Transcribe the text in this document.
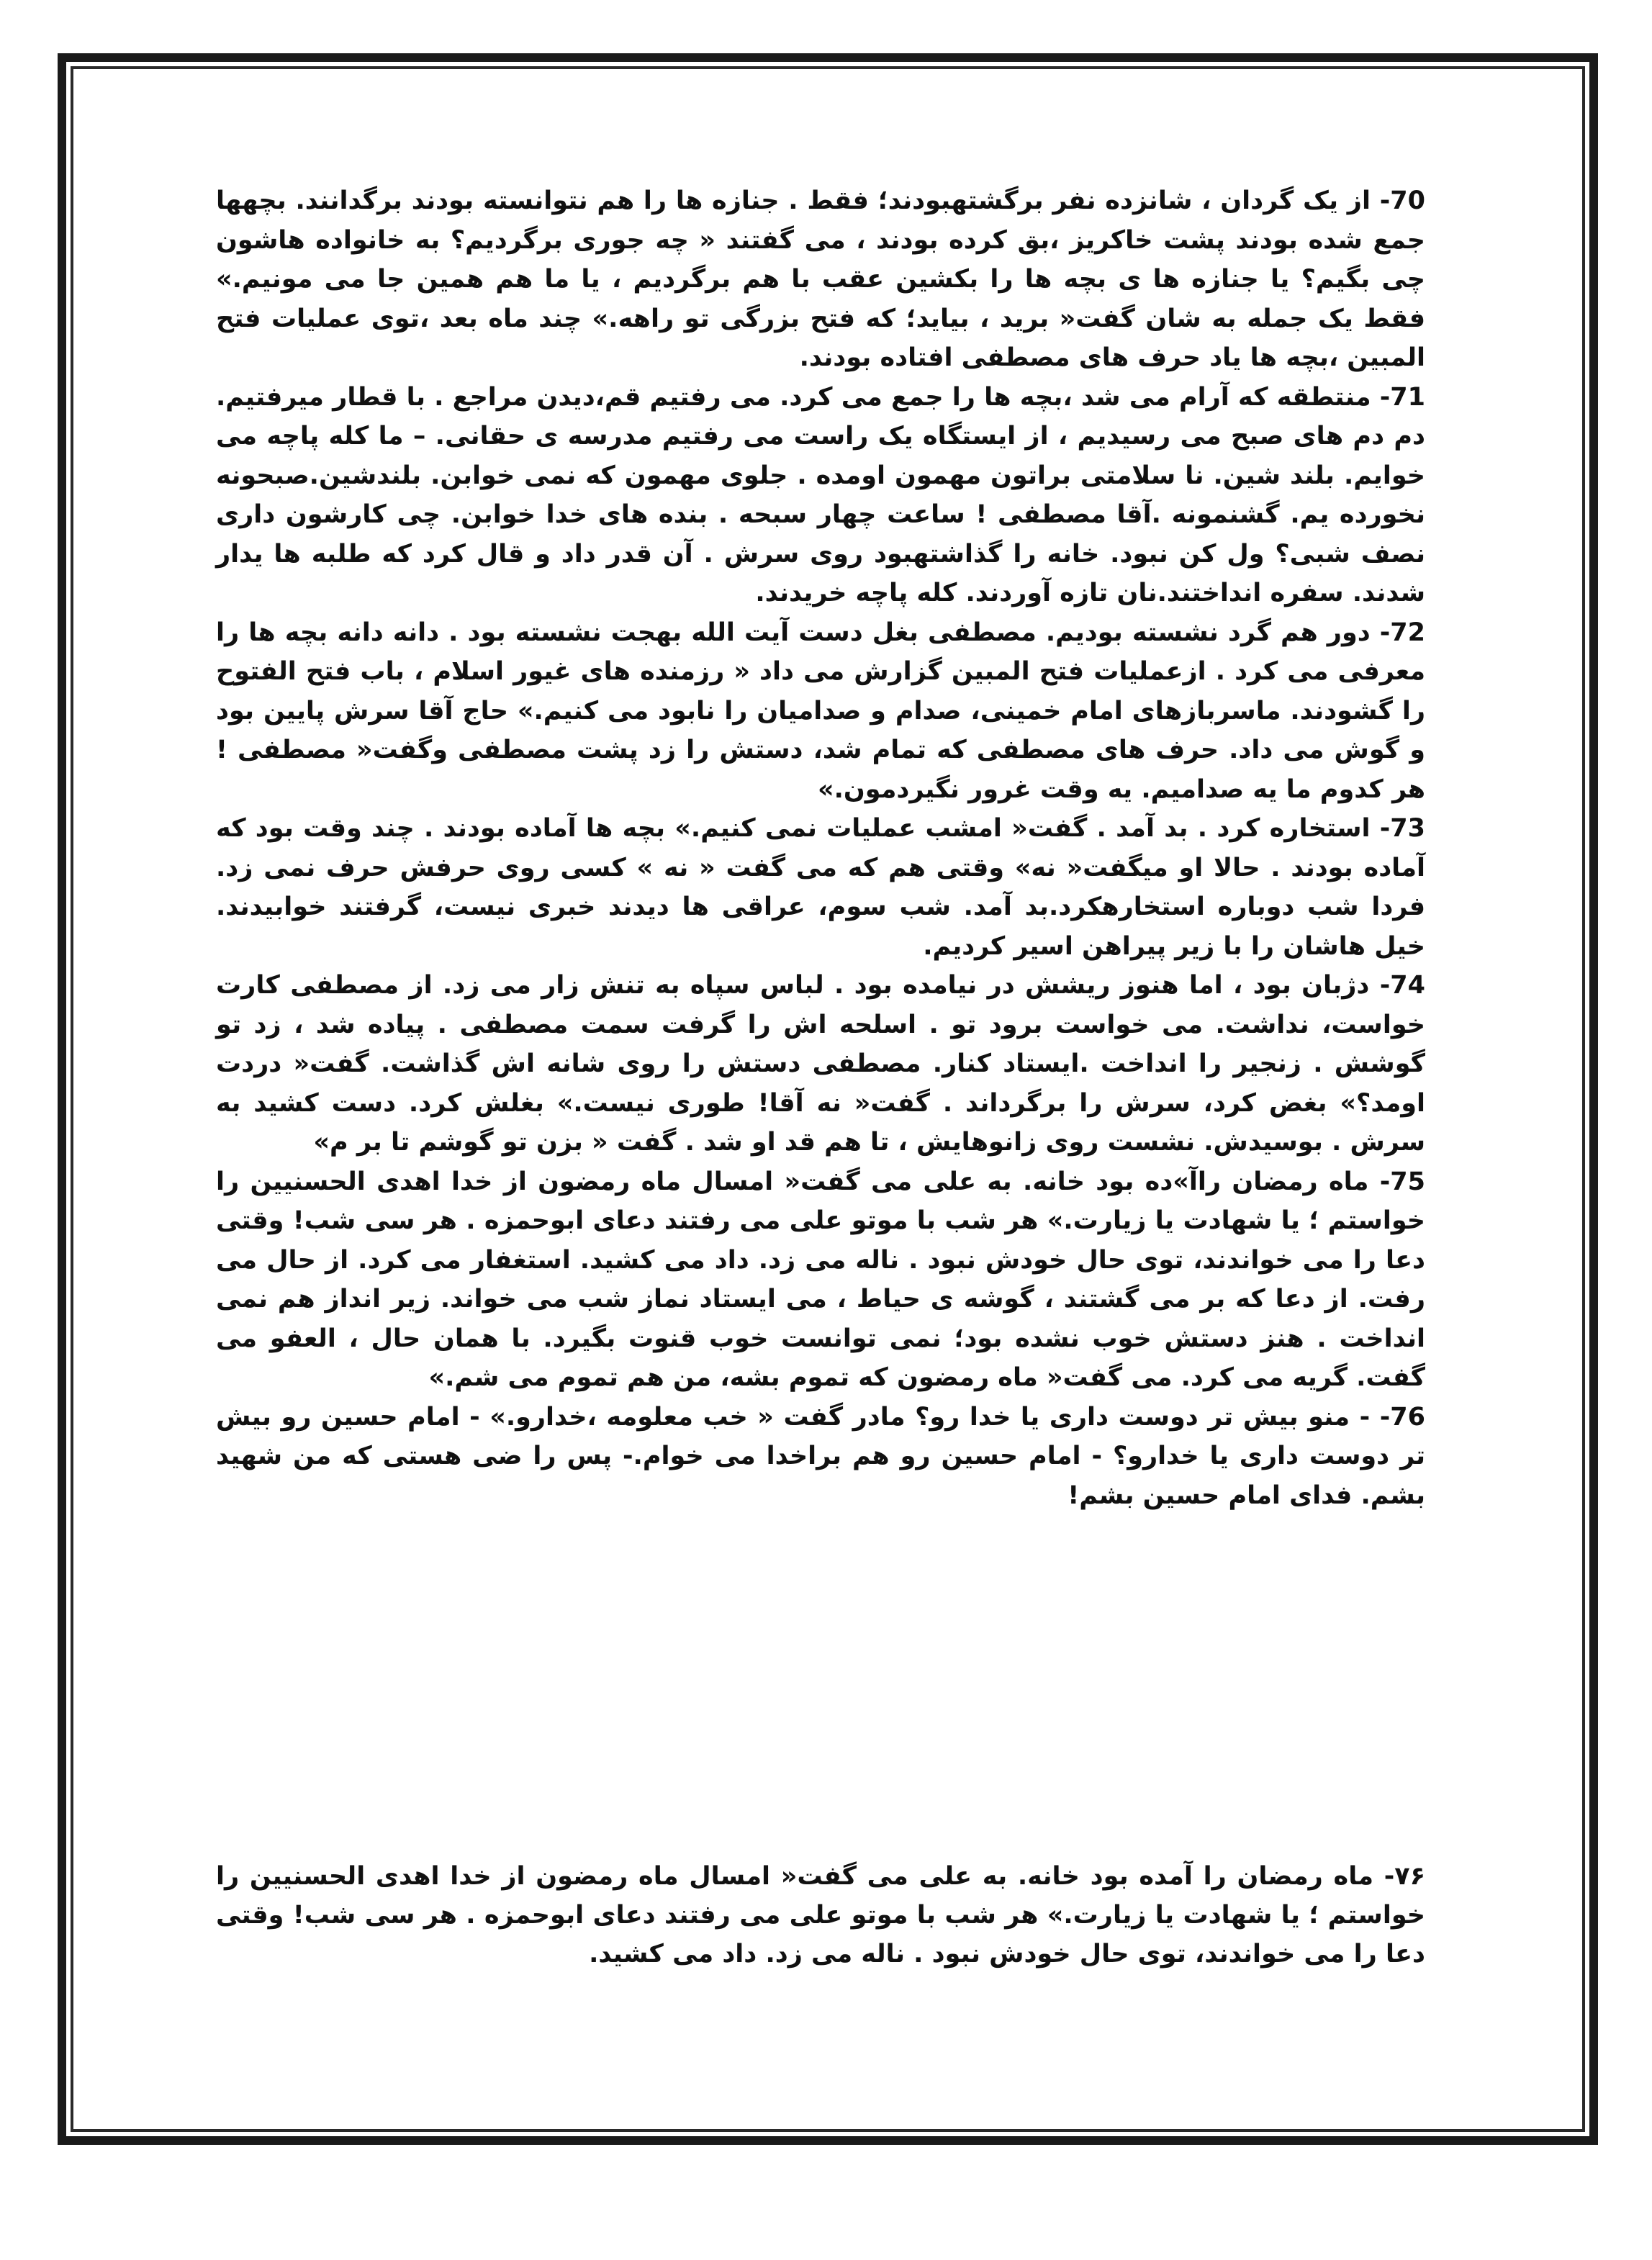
70- از یک گردان ، شانزده نفر برگشتهبودند؛ فقط . جنازه ها را هم نتوانسته بودند برگدانند. بچهها جمع شده بودند پشت خاکریز ،بق کرده بودند ، می گفتند « چه جوری برگردیم؟ به خانواده هاشون چی بگیم؟ یا جنازه ها ی بچه ها را بکشین عقب با هم برگردیم ، یا ما هم همین جا می مونیم.» فقط یک جمله به شان گفت« برید ، بیاید؛ که فتح بزرگی تو راهه.» چند ماه بعد ،توی عملیات فتح المبین ،بچه ها یاد حرف های مصطفی افتاده بودند.

71- منتطقه که آرام می شد ،بچه ها را جمع می کرد. می رفتیم قم،دیدن مراجع . با قطار میرفتیم. دم دم های صبح می رسیدیم ، از ایستگاه یک راست می رفتیم مدرسه ی حقانی. – ما کله پاچه می خوایم. بلند شین. نا سلامتی براتون مهمون اومده . جلوی مهمون که نمی خوابن. بلندشین.صبحونه نخورده یم. گشنمونه .آقا مصطفی ! ساعت چهار سبحه . بنده های خدا خوابن. چی کارشون داری نصف شبی؟ ول کن نبود. خانه را گذاشتهبود روی سرش . آن قدر داد و قال کرد که طلبه ها یدار شدند. سفره انداختند.نان تازه آوردند. کله پاچه خریدند.

72- دور هم گرد نشسته بودیم. مصطفی بغل دست آیت الله بهجت نشسته بود . دانه دانه بچه ها را معرفی می کرد . ازعملیات فتح المبین گزارش می داد « رزمنده های غیور اسلام ، باب فتح الفتوح را گشودند. ماسربازهای امام خمینی، صدام و صدامیان را نابود می کنیم.» حاج آقا سرش پایین بود و گوش می داد. حرف های مصطفی که تمام شد، دستش را زد پشت مصطفی وگفت« مصطفی ! هر کدوم ما یه صدامیم. یه وقت غرور نگیردمون.»

73- استخاره کرد . بد آمد . گفت« امشب عملیات نمی کنیم.» بچه ها آماده بودند . چند وقت بود که آماده بودند . حالا او میگفت« نه» وقتی هم که می گفت « نه » کسی روی حرفش حرف نمی زد. فردا شب دوباره استخارهکرد.بد آمد. شب سوم، عراقی ها دیدند خبری نیست، گرفتند خوابیدند. خیل هاشان را با زیر پیراهن اسیر کردیم.

74- دژبان بود ، اما هنوز ریشش در نیامده بود . لباس سپاه به تنش زار می زد. از مصطفی کارت خواست، نداشت. می خواست برود تو . اسلحه اش را گرفت سمت مصطفی . پیاده شد ، زد تو گوشش . زنجیر را انداخت .ایستاد کنار. مصطفی دستش را روی شانه اش گذاشت. گفت« دردت اومد؟» بغض کرد، سرش را برگرداند . گفت« نه آقا! طوری نیست.» بغلش کرد. دست کشید به سرش . بوسیدش. نشست روی زانوهایش ، تا هم قد او شد . گفت « بزن تو گوشم تا بر م»

75- ماه رمضان راآ»ده بود خانه. به علی می گفت« امسال ماه رمضون از خدا اهدی الحسنیین را خواستم ؛ یا شهادت یا زیارت.» هر شب با موتو علی می رفتند دعای ابوحمزه . هر سی شب! وقتی دعا را می خواندند، توی حال خودش نبود . ناله می زد. داد می کشید. استغفار می کرد. از حال می رفت. از دعا که بر می گشتند ، گوشه ی حیاط ، می ایستاد نماز شب می خواند. زیر انداز هم نمی انداخت . هنز دستش خوب نشده بود؛ نمی توانست خوب قنوت بگیرد. با همان حال ، العفو می گفت. گریه می کرد. می گفت« ماه رمضون که تموم بشه، من هم تموم می شم.»

76- - منو بیش تر دوست داری یا خدا رو؟ مادر گفت « خب معلومه ،خدارو.» - امام حسین رو بیش تر دوست داری یا خدارو؟ - امام حسین رو هم براخدا می خوام.- پس را ضی هستی که من شهید بشم. فدای امام حسین بشم!

۷۶- ماه رمضان را آمده بود خانه. به علی می گفت« امسال ماه رمضون از خدا اهدی الحسنیین را خواستم ؛ یا شهادت یا زیارت.» هر شب با موتو علی می رفتند دعای ابوحمزه . هر سی شب! وقتی دعا را می خواندند، توی حال خودش نبود . ناله می زد. داد می کشید.
